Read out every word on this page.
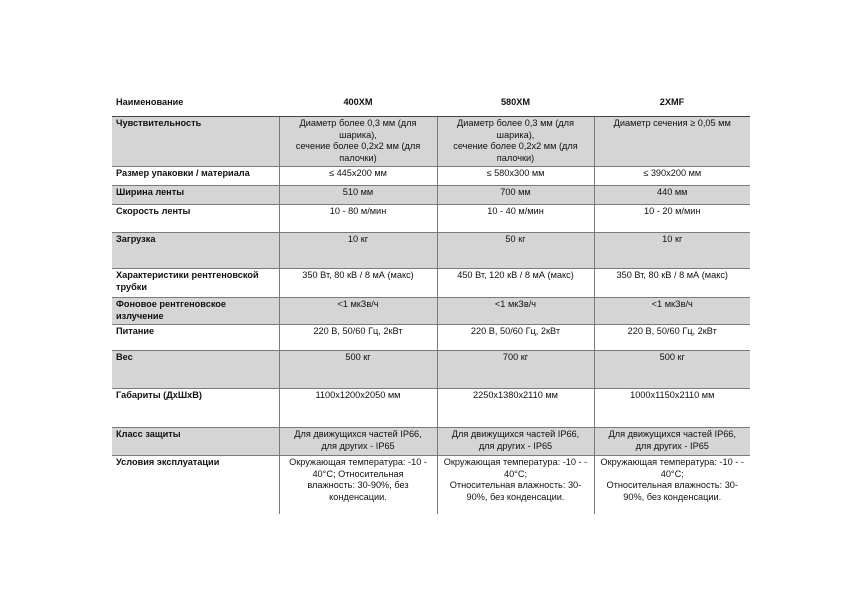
Наименование	400XM	580XM	2XMF
Чувствительность	Диаметр более 0,3 мм (для
шарика),
сечение более 0,2х2 мм (для
палочки)	Диаметр более 0,3 мм (для
шарика),
сечение более 0,2х2 мм (для
палочки)	Диаметр сечения ≥ 0,05 мм
Размер упаковки / материала	≤ 445x200 мм	≤ 580x300 мм	≤ 390x200 мм
Ширина ленты	510 мм	700 мм	440 мм
Скорость ленты	10 - 80 м/мин	10 - 40 м/мин	10 - 20 м/мин
Загрузка	10 кг	50 кг	10 кг
Характеристики рентгеновской
трубки	350 Вт, 80 кВ / 8 мА (макс)	450 Вт, 120 кВ / 8 мА (макс)	350 Вт, 80 кВ / 8 мА (макс)
Фоновое рентгеновское излучение	<1 мкЗв/ч	<1 мкЗв/ч	<1 мкЗв/ч
Питание	220 В, 50/60 Гц, 2кВт	220 В, 50/60 Гц, 2кВт	220 В, 50/60 Гц, 2кВт
Вес	500 кг	700 кг	500 кг
Габариты (ДхШхВ)	1100x1200x2050 мм	2250x1380x2110 мм	1000x1150x2110 мм
Класс защиты	Для движущихся частей IP66,
для других - IP65	Для движущихся частей IP66,
для других - IP65	Для движущихся частей IP66,
для других - IP65
Условия эксплуатации	Окружающая температура: -10 -
40°C; Относительная
влажность: 30-90%, без
конденсации.	Окружающая температура: -10 - -
40°C;
Относительная влажность: 30-
90%, без конденсации.	Окружающая температура: -10 - -
40°C;
Относительная влажность: 30-
90%, без конденсации.
